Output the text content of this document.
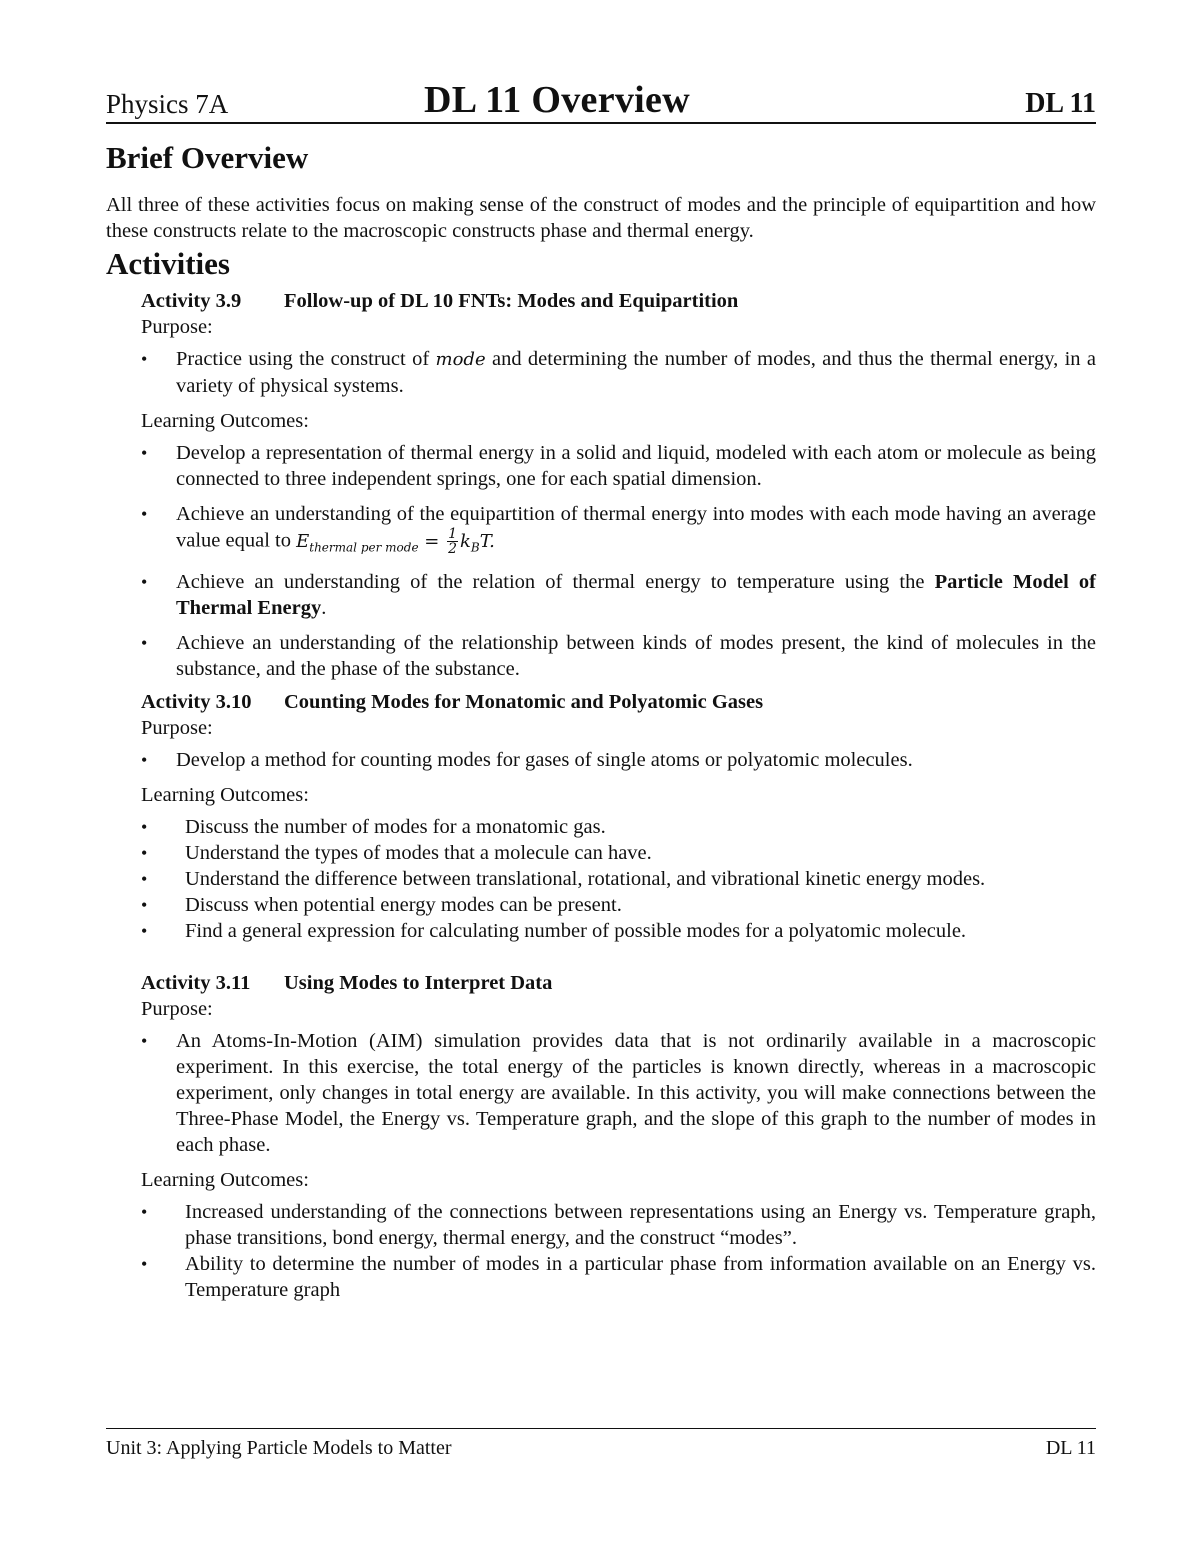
Physics 7A	DL 11 Overview	DL 11
Brief Overview

All three of these activities focus on making sense of the construct of modes and the principle of equipartition and how these constructs relate to the macroscopic constructs phase and thermal energy.

Activities
Activity 3.9 Follow-up of DL 10 FNTs: Modes and Equipartition
Purpose:
• Practice using the construct of mode and determining the number of modes, and thus the thermal energy, in a variety of physical systems.
Learning Outcomes:
• Develop a representation of thermal energy in a solid and liquid, modeled with each atom or molecule as being connected to three independent springs, one for each spatial dimension.
• Achieve an understanding of the equipartition of thermal energy into modes with each mode having an average value equal to $E_{thermal per mode} = \frac{1}{2} k_BT$.
• Achieve an understanding of the relation of thermal energy to temperature using the Particle Model of Thermal Energy.
• Achieve an understanding of the relationship between kinds of modes present, the kind of molecules in the substance, and the phase of the substance.
Activity 3.10 Counting Modes for Monatomic and Polyatomic Gases
Purpose:
• Develop a method for counting modes for gases of single atoms or polyatomic molecules.
Learning Outcomes:
• Discuss the number of modes for a monatomic gas.
• Understand the types of modes that a molecule can have.
• Understand the difference between translational, rotational, and vibrational kinetic energy modes.
• Discuss when potential energy modes can be present.
• Find a general expression for calculating number of possible modes for a polyatomic molecule.
Activity 3.11 Using Modes to Interpret Data
Purpose:
• An Atoms-In-Motion (AIM) simulation provides data that is not ordinarily available in a macroscopic experiment. In this exercise, the total energy of the particles is known directly, whereas in a macroscopic experiment, only changes in total energy are available. In this activity, you will make connections between the Three-Phase Model, the Energy vs. Temperature graph, and the slope of this graph to the number of modes in each phase.
Learning Outcomes:
• Increased understanding of the connections between representations using an Energy vs. Temperature graph, phase transitions, bond energy, thermal energy, and the construct “modes”.
• Ability to determine the number of modes in a particular phase from information available on an Energy vs. Temperature graph
Unit 3: Applying Particle Models to Matter	DL 11
